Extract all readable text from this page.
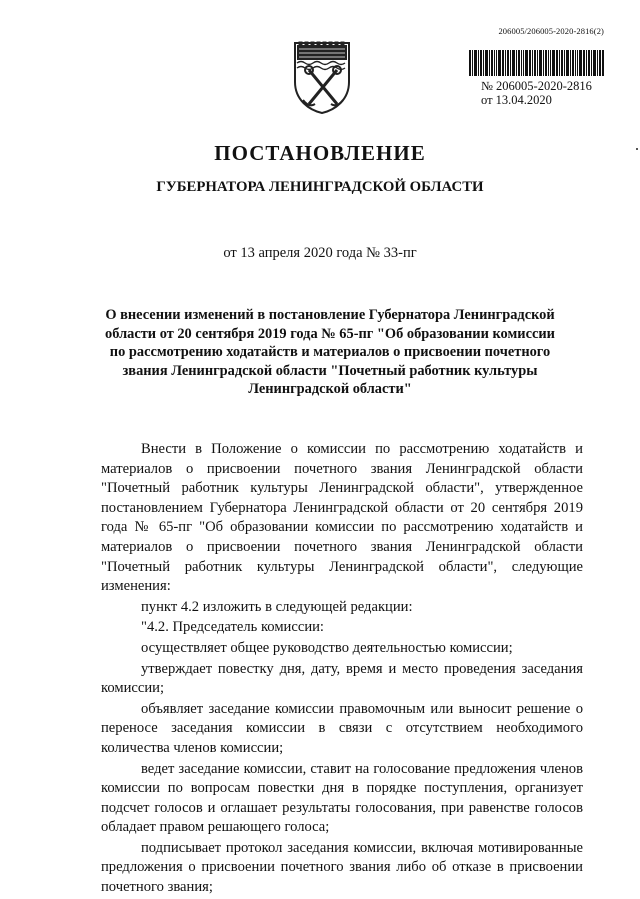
206005/206005-2020-2816(2)
№ 206005-2020-2816
от 13.04.2020
ПОСТАНОВЛЕНИЕ
ГУБЕРНАТОРА ЛЕНИНГРАДСКОЙ ОБЛАСТИ
от 13 апреля 2020 года № 33-пг
О внесении изменений в постановление Губернатора Ленинградской области от 20 сентября 2019 года № 65-пг "Об образовании комиссии по рассмотрению ходатайств и материалов о присвоении почетного звания Ленинградской области "Почетный работник культуры Ленинградской области"

Внести в Положение о комиссии по рассмотрению ходатайств и материалов о присвоении почетного звания Ленинградской области "Почетный работник культуры Ленинградской области", утвержденное постановлением Губернатора Ленинградской области от 20 сентября 2019 года № 65-пг "Об образовании комиссии по рассмотрению ходатайств и материалов о присвоении почетного звания Ленинградской области "Почетный работник культуры Ленинградской области", следующие изменения:

пункт 4.2 изложить в следующей редакции:

"4.2. Председатель комиссии:

осуществляет общее руководство деятельностью комиссии;

утверждает повестку дня, дату, время и место проведения заседания комиссии;

объявляет заседание комиссии правомочным или выносит решение о переносе заседания комиссии в связи с отсутствием необходимого количества членов комиссии;

ведет заседание комиссии, ставит на голосование предложения членов комиссии по вопросам повестки дня в порядке поступления, организует подсчет голосов и оглашает результаты голосования, при равенстве голосов обладает правом решающего голоса;

подписывает протокол заседания комиссии, включая мотивированные предложения о присвоении почетного звания либо об отказе в присвоении почетного звания;
